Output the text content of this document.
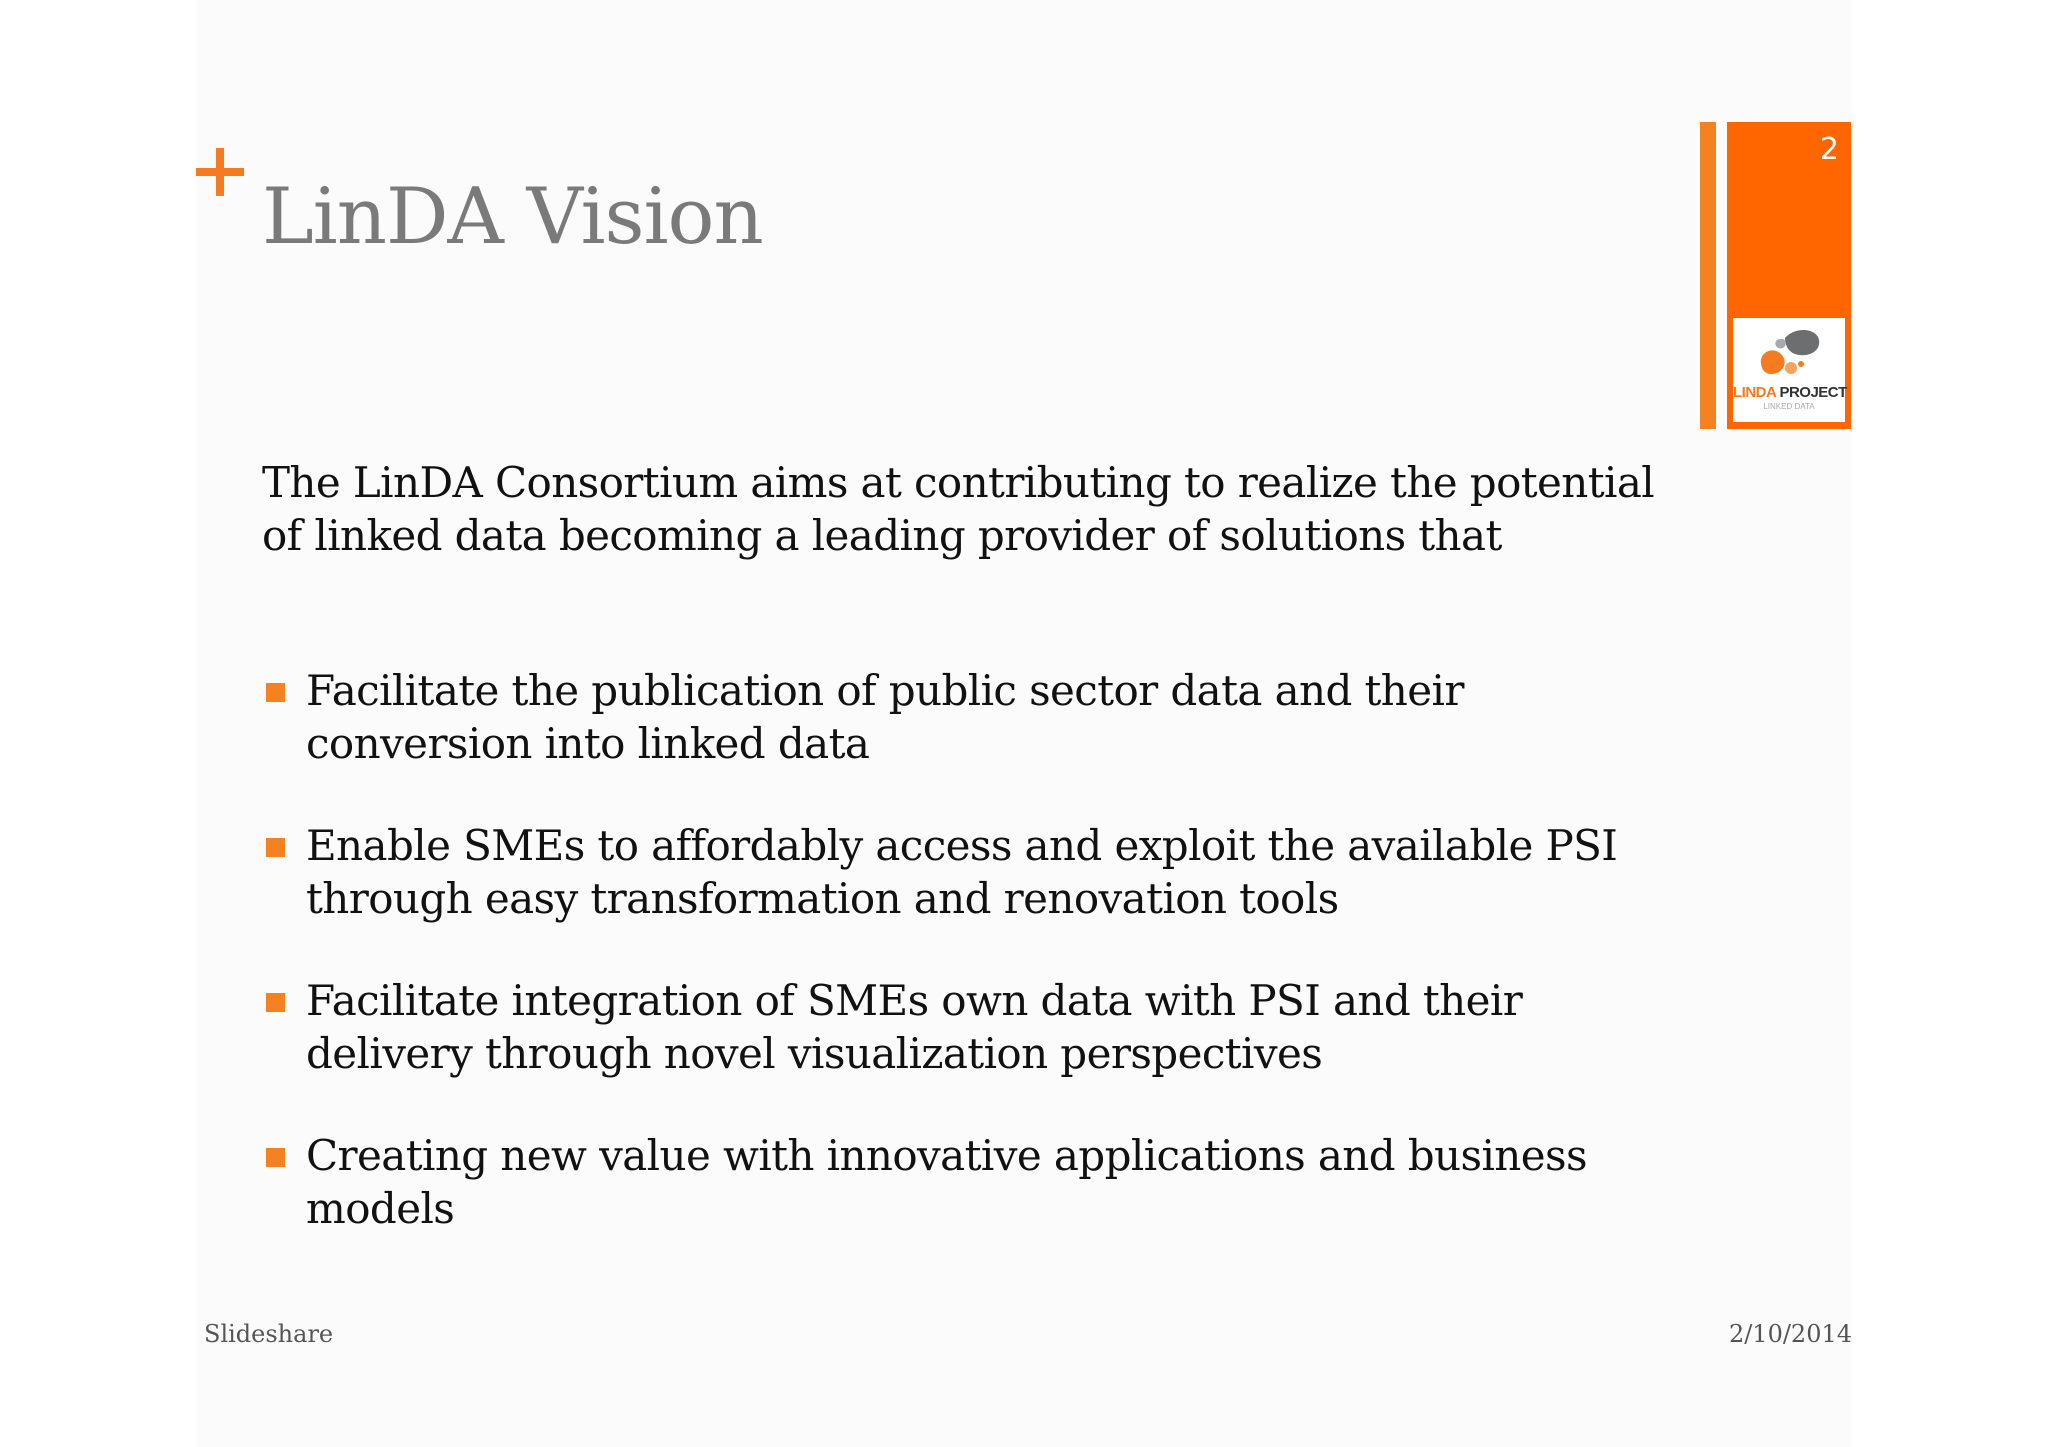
LinDA Vision
2
LINDA PROJECT
LINKED DATA
The LinDA Consortium aims at contributing to realize the potential of linked data becoming a leading provider of solutions that
Facilitate the publication of public sector data and their conversion into linked data
Enable SMEs to affordably access and exploit the available PSI through easy transformation and renovation tools
Facilitate integration of SMEs own data with PSI and their delivery through novel visualization perspectives
Creating new value with innovative applications and business models
Slideshare	2/10/2014
